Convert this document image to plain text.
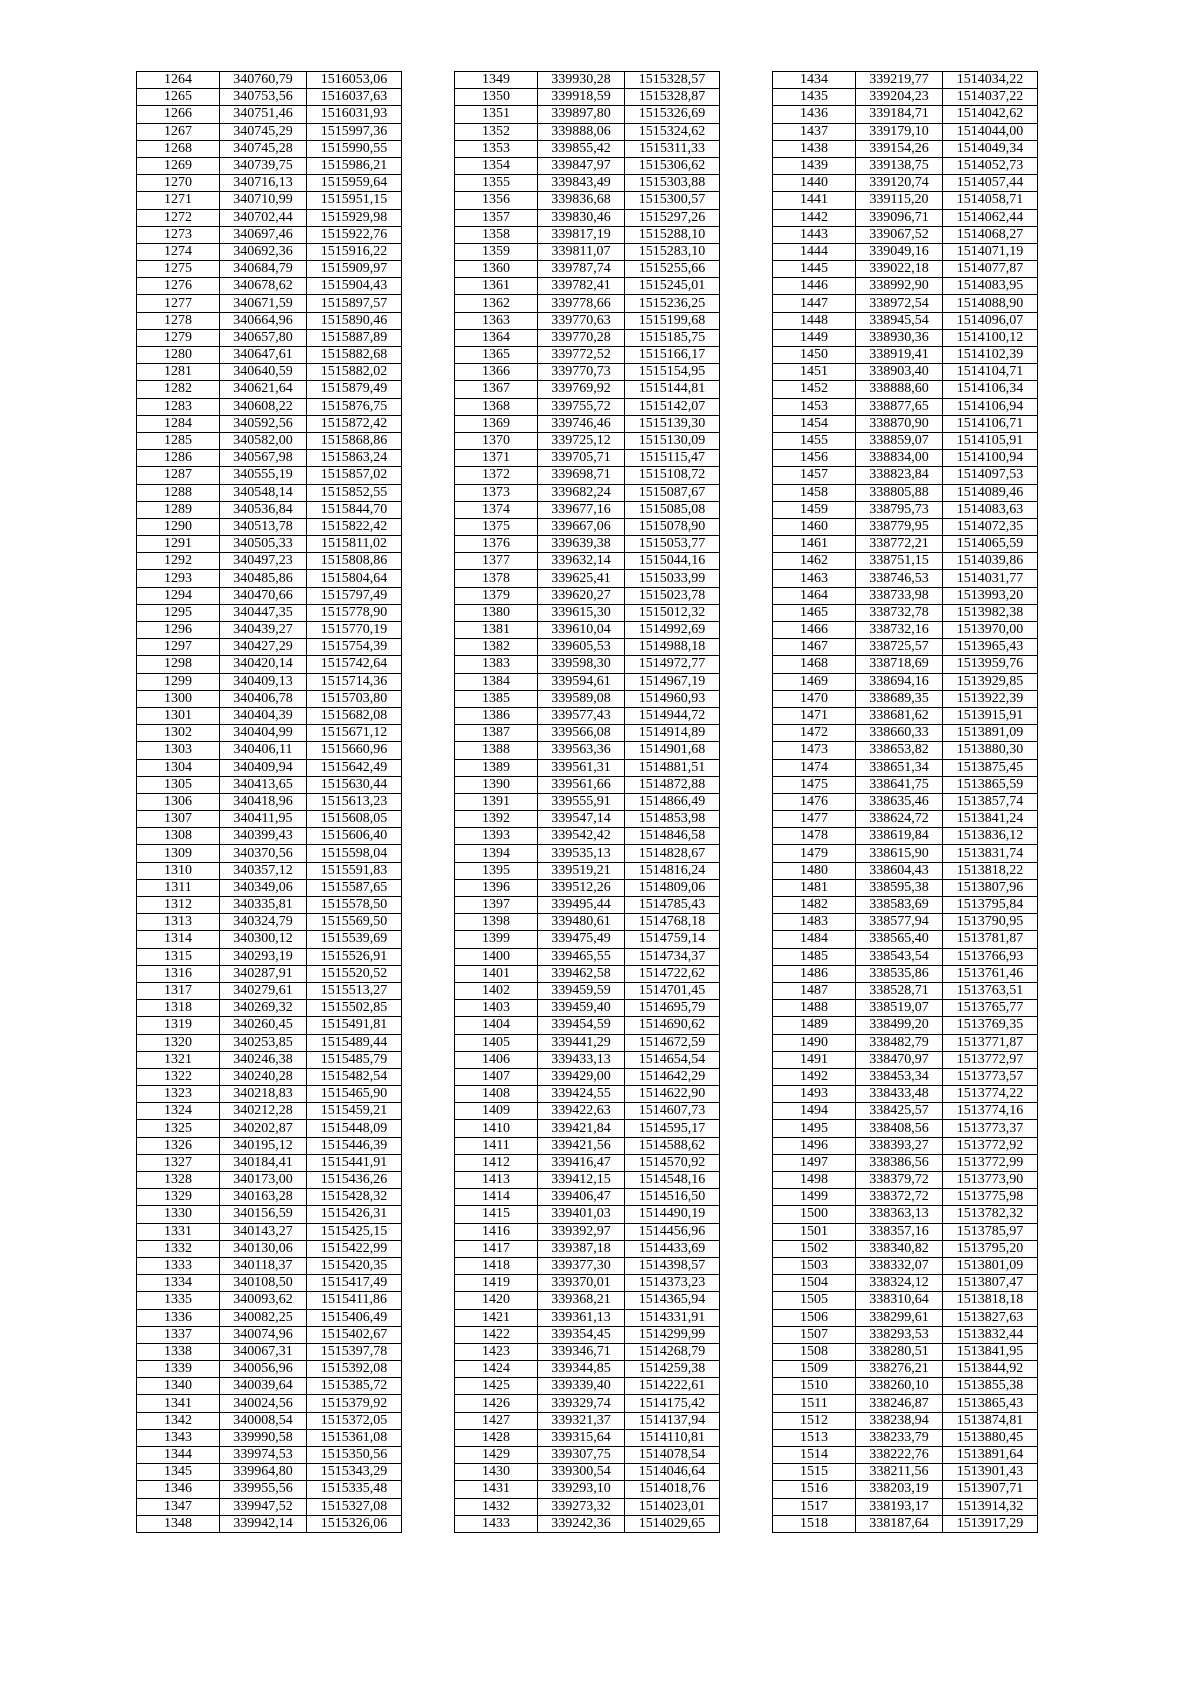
1264	340760,79	1516053,06
1265	340753,56	1516037,63
1266	340751,46	1516031,93
1267	340745,29	1515997,36
1268	340745,28	1515990,55
1269	340739,75	1515986,21
1270	340716,13	1515959,64
1271	340710,99	1515951,15
1272	340702,44	1515929,98
1273	340697,46	1515922,76
1274	340692,36	1515916,22
1275	340684,79	1515909,97
1276	340678,62	1515904,43
1277	340671,59	1515897,57
1278	340664,96	1515890,46
1279	340657,80	1515887,89
1280	340647,61	1515882,68
1281	340640,59	1515882,02
1282	340621,64	1515879,49
1283	340608,22	1515876,75
1284	340592,56	1515872,42
1285	340582,00	1515868,86
1286	340567,98	1515863,24
1287	340555,19	1515857,02
1288	340548,14	1515852,55
1289	340536,84	1515844,70
1290	340513,78	1515822,42
1291	340505,33	1515811,02
1292	340497,23	1515808,86
1293	340485,86	1515804,64
1294	340470,66	1515797,49
1295	340447,35	1515778,90
1296	340439,27	1515770,19
1297	340427,29	1515754,39
1298	340420,14	1515742,64
1299	340409,13	1515714,36
1300	340406,78	1515703,80
1301	340404,39	1515682,08
1302	340404,99	1515671,12
1303	340406,11	1515660,96
1304	340409,94	1515642,49
1305	340413,65	1515630,44
1306	340418,96	1515613,23
1307	340411,95	1515608,05
1308	340399,43	1515606,40
1309	340370,56	1515598,04
1310	340357,12	1515591,83
1311	340349,06	1515587,65
1312	340335,81	1515578,50
1313	340324,79	1515569,50
1314	340300,12	1515539,69
1315	340293,19	1515526,91
1316	340287,91	1515520,52
1317	340279,61	1515513,27
1318	340269,32	1515502,85
1319	340260,45	1515491,81
1320	340253,85	1515489,44
1321	340246,38	1515485,79
1322	340240,28	1515482,54
1323	340218,83	1515465,90
1324	340212,28	1515459,21
1325	340202,87	1515448,09
1326	340195,12	1515446,39
1327	340184,41	1515441,91
1328	340173,00	1515436,26
1329	340163,28	1515428,32
1330	340156,59	1515426,31
1331	340143,27	1515425,15
1332	340130,06	1515422,99
1333	340118,37	1515420,35
1334	340108,50	1515417,49
1335	340093,62	1515411,86
1336	340082,25	1515406,49
1337	340074,96	1515402,67
1338	340067,31	1515397,78
1339	340056,96	1515392,08
1340	340039,64	1515385,72
1341	340024,56	1515379,92
1342	340008,54	1515372,05
1343	339990,58	1515361,08
1344	339974,53	1515350,56
1345	339964,80	1515343,29
1346	339955,56	1515335,48
1347	339947,52	1515327,08
1348	339942,14	1515326,06
1349	339930,28	1515328,57
1350	339918,59	1515328,87
1351	339897,80	1515326,69
1352	339888,06	1515324,62
1353	339855,42	1515311,33
1354	339847,97	1515306,62
1355	339843,49	1515303,88
1356	339836,68	1515300,57
1357	339830,46	1515297,26
1358	339817,19	1515288,10
1359	339811,07	1515283,10
1360	339787,74	1515255,66
1361	339782,41	1515245,01
1362	339778,66	1515236,25
1363	339770,63	1515199,68
1364	339770,28	1515185,75
1365	339772,52	1515166,17
1366	339770,73	1515154,95
1367	339769,92	1515144,81
1368	339755,72	1515142,07
1369	339746,46	1515139,30
1370	339725,12	1515130,09
1371	339705,71	1515115,47
1372	339698,71	1515108,72
1373	339682,24	1515087,67
1374	339677,16	1515085,08
1375	339667,06	1515078,90
1376	339639,38	1515053,77
1377	339632,14	1515044,16
1378	339625,41	1515033,99
1379	339620,27	1515023,78
1380	339615,30	1515012,32
1381	339610,04	1514992,69
1382	339605,53	1514988,18
1383	339598,30	1514972,77
1384	339594,61	1514967,19
1385	339589,08	1514960,93
1386	339577,43	1514944,72
1387	339566,08	1514914,89
1388	339563,36	1514901,68
1389	339561,31	1514881,51
1390	339561,66	1514872,88
1391	339555,91	1514866,49
1392	339547,14	1514853,98
1393	339542,42	1514846,58
1394	339535,13	1514828,67
1395	339519,21	1514816,24
1396	339512,26	1514809,06
1397	339495,44	1514785,43
1398	339480,61	1514768,18
1399	339475,49	1514759,14
1400	339465,55	1514734,37
1401	339462,58	1514722,62
1402	339459,59	1514701,45
1403	339459,40	1514695,79
1404	339454,59	1514690,62
1405	339441,29	1514672,59
1406	339433,13	1514654,54
1407	339429,00	1514642,29
1408	339424,55	1514622,90
1409	339422,63	1514607,73
1410	339421,84	1514595,17
1411	339421,56	1514588,62
1412	339416,47	1514570,92
1413	339412,15	1514548,16
1414	339406,47	1514516,50
1415	339401,03	1514490,19
1416	339392,97	1514456,96
1417	339387,18	1514433,69
1418	339377,30	1514398,57
1419	339370,01	1514373,23
1420	339368,21	1514365,94
1421	339361,13	1514331,91
1422	339354,45	1514299,99
1423	339346,71	1514268,79
1424	339344,85	1514259,38
1425	339339,40	1514222,61
1426	339329,74	1514175,42
1427	339321,37	1514137,94
1428	339315,64	1514110,81
1429	339307,75	1514078,54
1430	339300,54	1514046,64
1431	339293,10	1514018,76
1432	339273,32	1514023,01
1433	339242,36	1514029,65
1434	339219,77	1514034,22
1435	339204,23	1514037,22
1436	339184,71	1514042,62
1437	339179,10	1514044,00
1438	339154,26	1514049,34
1439	339138,75	1514052,73
1440	339120,74	1514057,44
1441	339115,20	1514058,71
1442	339096,71	1514062,44
1443	339067,52	1514068,27
1444	339049,16	1514071,19
1445	339022,18	1514077,87
1446	338992,90	1514083,95
1447	338972,54	1514088,90
1448	338945,54	1514096,07
1449	338930,36	1514100,12
1450	338919,41	1514102,39
1451	338903,40	1514104,71
1452	338888,60	1514106,34
1453	338877,65	1514106,94
1454	338870,90	1514106,71
1455	338859,07	1514105,91
1456	338834,00	1514100,94
1457	338823,84	1514097,53
1458	338805,88	1514089,46
1459	338795,73	1514083,63
1460	338779,95	1514072,35
1461	338772,21	1514065,59
1462	338751,15	1514039,86
1463	338746,53	1514031,77
1464	338733,98	1513993,20
1465	338732,78	1513982,38
1466	338732,16	1513970,00
1467	338725,57	1513965,43
1468	338718,69	1513959,76
1469	338694,16	1513929,85
1470	338689,35	1513922,39
1471	338681,62	1513915,91
1472	338660,33	1513891,09
1473	338653,82	1513880,30
1474	338651,34	1513875,45
1475	338641,75	1513865,59
1476	338635,46	1513857,74
1477	338624,72	1513841,24
1478	338619,84	1513836,12
1479	338615,90	1513831,74
1480	338604,43	1513818,22
1481	338595,38	1513807,96
1482	338583,69	1513795,84
1483	338577,94	1513790,95
1484	338565,40	1513781,87
1485	338543,54	1513766,93
1486	338535,86	1513761,46
1487	338528,71	1513763,51
1488	338519,07	1513765,77
1489	338499,20	1513769,35
1490	338482,79	1513771,87
1491	338470,97	1513772,97
1492	338453,34	1513773,57
1493	338433,48	1513774,22
1494	338425,57	1513774,16
1495	338408,56	1513773,37
1496	338393,27	1513772,92
1497	338386,56	1513772,99
1498	338379,72	1513773,90
1499	338372,72	1513775,98
1500	338363,13	1513782,32
1501	338357,16	1513785,97
1502	338340,82	1513795,20
1503	338332,07	1513801,09
1504	338324,12	1513807,47
1505	338310,64	1513818,18
1506	338299,61	1513827,63
1507	338293,53	1513832,44
1508	338280,51	1513841,95
1509	338276,21	1513844,92
1510	338260,10	1513855,38
1511	338246,87	1513865,43
1512	338238,94	1513874,81
1513	338233,79	1513880,45
1514	338222,76	1513891,64
1515	338211,56	1513901,43
1516	338203,19	1513907,71
1517	338193,17	1513914,32
1518	338187,64	1513917,29
